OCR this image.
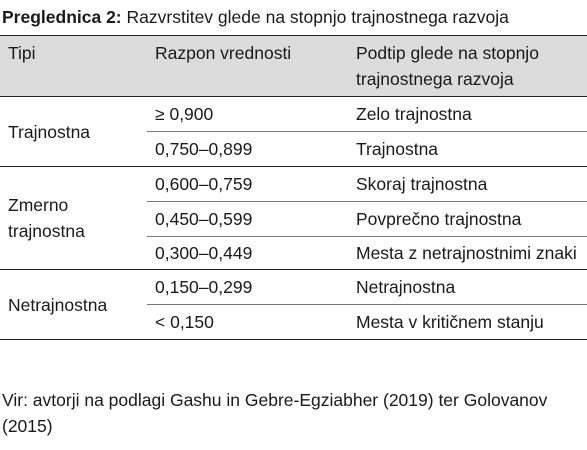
Preglednica 2: Razvrstitev glede na stopnjo trajnostnega razvoja
Tipi	Razpon vrednosti	Podtip glede na stopnjo trajnostnega razvoja
Trajnostna	≥ 0,900	Zelo trajnostna
	0,750–0,899	Trajnostna
Zmerno trajnostna	0,600–0,759	Skoraj trajnostna
	0,450–0,599	Povprečno trajnostna
	0,300–0,449	Mesta z netrajnostnimi znaki
Netrajnostna	0,150–0,299	Netrajnostna
	< 0,150	Mesta v kritičnem stanju
Vir: avtorji na podlagi Gashu in Gebre-Egziabher (2019) ter Golovanov (2015)
